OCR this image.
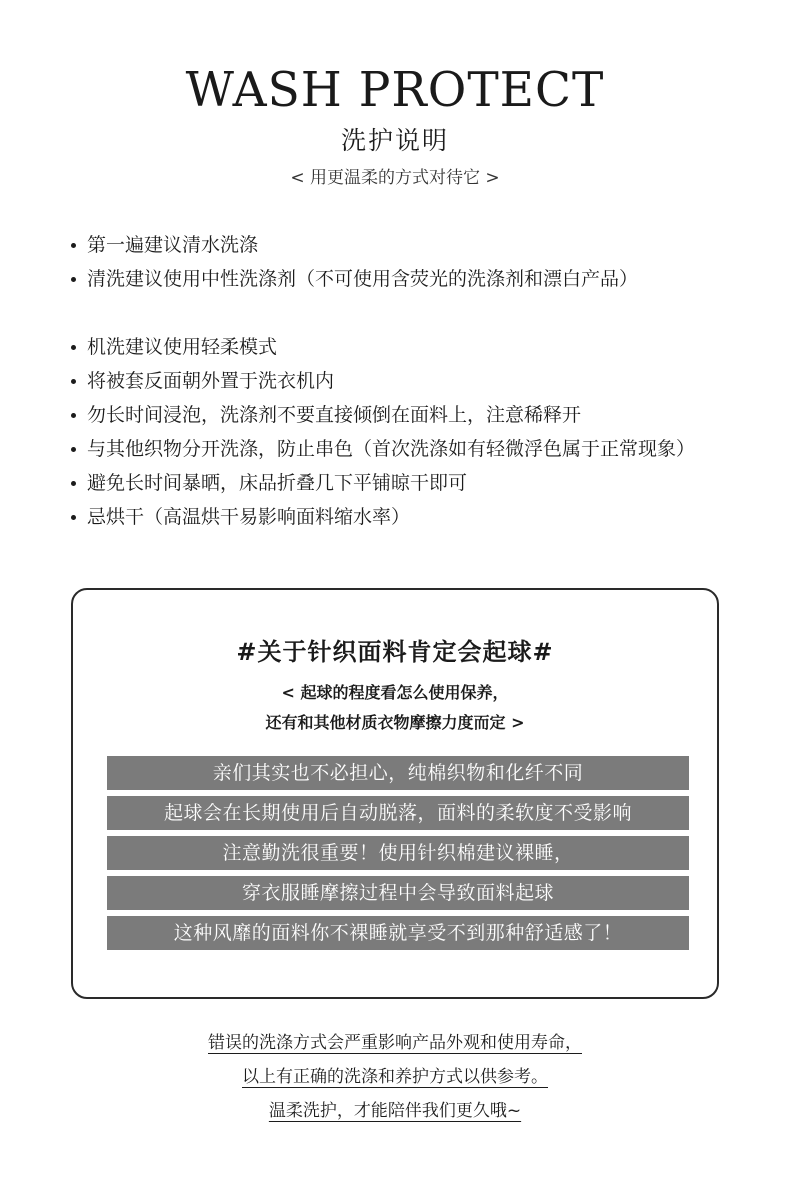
WASH PROTECT
洗护说明
< 用更温柔的方式对待它 >
第一遍建议清水洗涤
清洗建议使用中性洗涤剂（不可使用含荧光的洗涤剂和漂白产品）
机洗建议使用轻柔模式
将被套反面朝外置于洗衣机内
勿长时间浸泡，洗涤剂不要直接倾倒在面料上，注意稀释开
与其他织物分开洗涤，防止串色（首次洗涤如有轻微浮色属于正常现象）
避免长时间暴晒，床品折叠几下平铺晾干即可
忌烘干（高温烘干易影响面料缩水率）
#关于针织面料肯定会起球#
< 起球的程度看怎么使用保养，
还有和其他材质衣物摩擦力度而定 >
亲们其实也不必担心，纯棉织物和化纤不同
起球会在长期使用后自动脱落，面料的柔软度不受影响
注意勤洗很重要！使用针织棉建议裸睡，
穿衣服睡摩擦过程中会导致面料起球
这种风靡的面料你不裸睡就享受不到那种舒适感了！
错误的洗涤方式会严重影响产品外观和使用寿命，
以上有正确的洗涤和养护方式以供参考。
温柔洗护，才能陪伴我们更久哦~
